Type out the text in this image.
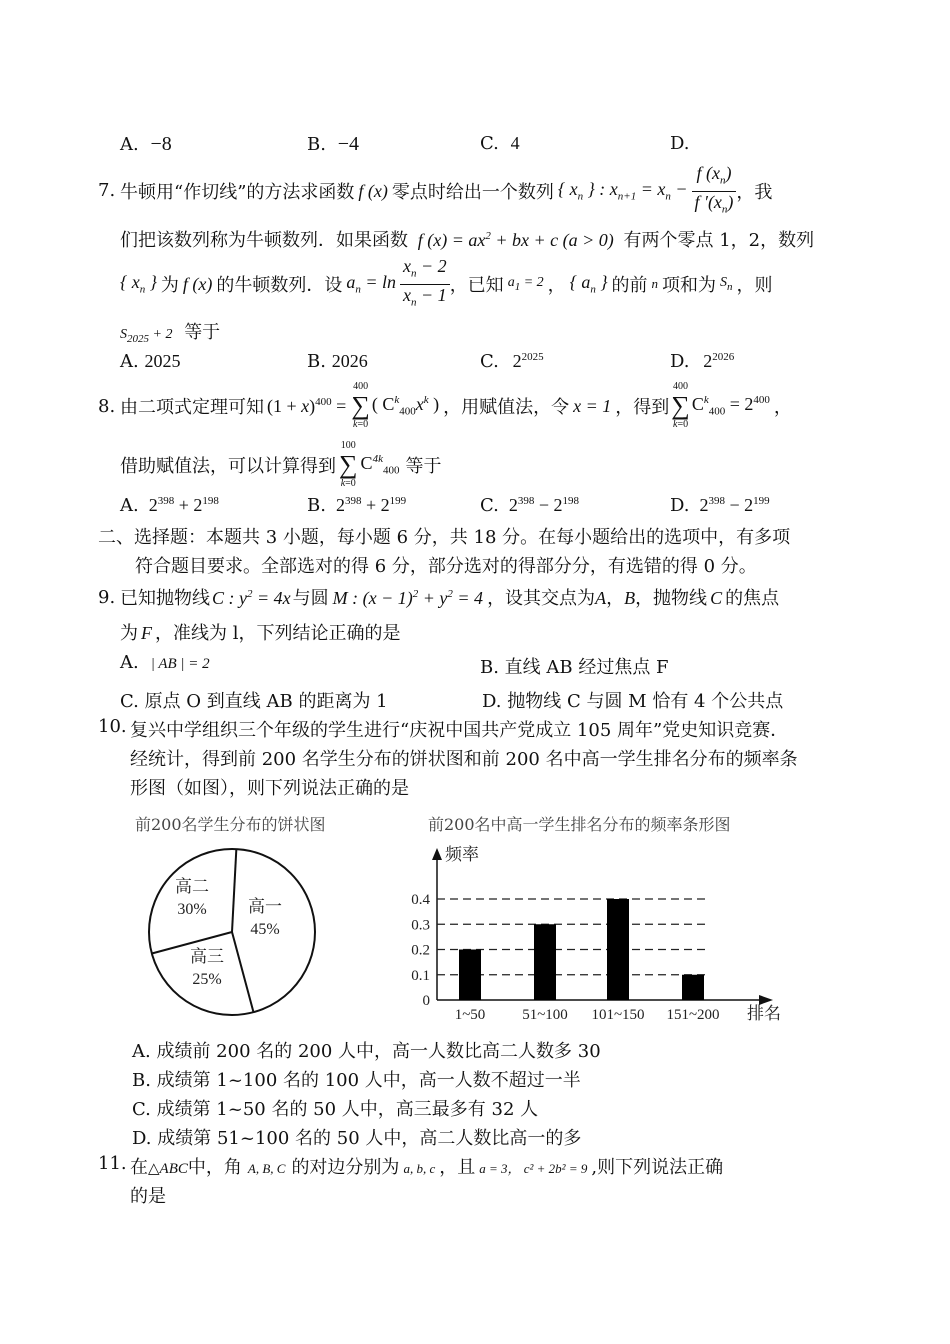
A. −8	B. −4	C. 4	D.
7. 牛顿用“作切线”的方法求函数 f (x) 零点时给出一个数列 { $x_n$ } : $x_{n+1} = x_n - \frac{f (x_n)}{f '(x_n)}$ ，我
们把该数列称为牛顿数列．如果函数 f $(x) = ax^2$ + bx + c (a > 0) 有两个零点 1，2，数列
{ $x_n$ } 为 f (x) 的牛顿数列．设 $a_n = \ln \frac{x_n - 2}{x_n - 1}$ ，已知 $a_1 = 2$ ， { $a_n$ } 的前 n 项和为 $S_n$ ，则
$S_{2025} + 2$ 等于
A. 2025	B. 2026	C. $2^{2025}$	D. $2^{2026}$
8. 由二项式定理可知 $(1 + x)^{400}$ =
400
∑
k=0
( $C_{k400}x^k$ ) ，用赋值法，令 x = 1 ，得到
400
∑
k=0
$C_{k400} = 2^{400}$ ，
借助赋值法，可以计算得到
100
∑
k=0
$C_{4k400}$ 等于
A. $2^{398} + 2^{198}$	B. $2^{398} + 2^{199}$	C. $2^{398} - 2^{198}$	D. $2^{398} - 2^{199}$
二、选择题：本题共 3 小题，每小题 6 分，共 18 分。在每小题给出的选项中，有多项
符合题目要求。全部选对的得 6 分，部分选对的得部分分，有选错的得 0 分。
9. 已知抛物线 C : $y^2 = 4x$ 与圆 M : $(x - 1)^2 + y^2 = 4$ ，设其交点为A，B，抛物线 C 的焦点
为 F ，准线为 l，下列结论正确的是
A. | AB | = 2	B. 直线 AB 经过焦点 F
C. 原点 O 到直线 AB 的距离为 1	D. 抛物线 C 与圆 M 恰有 4 个公共点
10. 复兴中学组织三个年级的学生进行“庆祝中国共产党成立 105 周年”党史知识竞赛．
经统计，得到前 200 名学生分布的饼状图和前 200 名中高一学生排名分布的频率条
形图（如图），则下列说法正确的是
前200名学生分布的饼状图
高一
45%
高二
30%
高三
25%
前200名中高一学生排名分布的频率条形图
频率
排名
0
0.1
0.2
0.3
0.4
1~50 51~100 101~150 151~200
A. 成绩前 200 名的 200 人中，高一人数比高二人数多 30
B. 成绩第 1~100 名的 100 人中，高一人数不超过一半
C. 成绩第 1~50 名的 50 人中，高三最多有 32 人
D. 成绩第 51~100 名的 50 人中，高二人数比高一的多
11. 在△ABC中，角 A, B, C 的对边分别为 a, b, c ，且 a = 3， c² + 2b² = 9 ,则下列说法正确
的是
